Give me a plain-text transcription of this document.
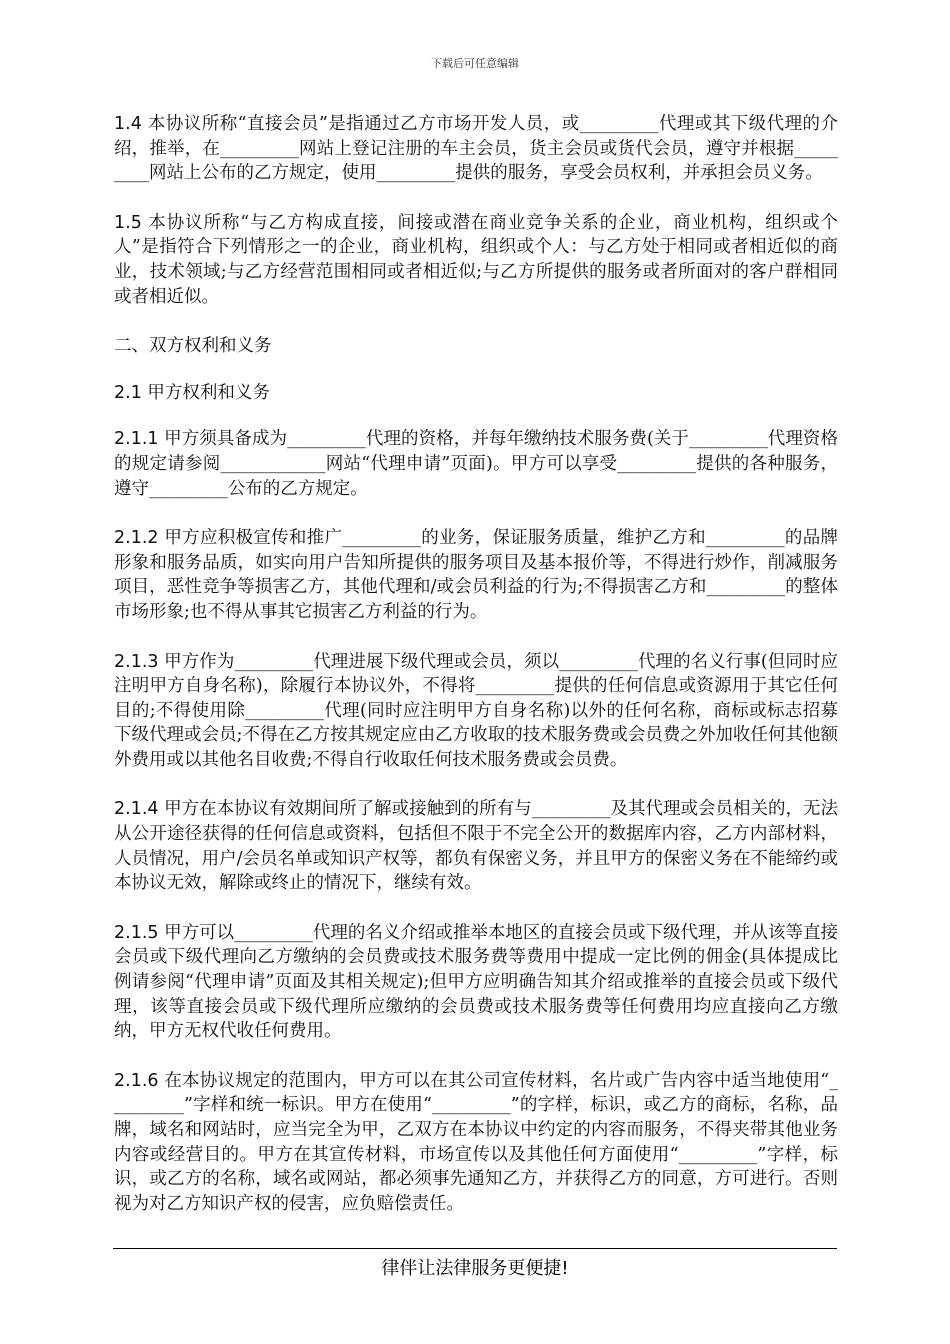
下载后可任意编辑

1.4 本协议所称“直接会员”是指通过乙方市场开发人员，或_________代理或其下级代理的介绍，推举，在_________网站上登记注册的车主会员，货主会员或货代会员，遵守并根据_________网站上公布的乙方规定，使用_________提供的服务，享受会员权利，并承担会员义务。

1.5 本协议所称“与乙方构成直接，间接或潜在商业竞争关系的企业，商业机构，组织或个人”是指符合下列情形之一的企业，商业机构，组织或个人：与乙方处于相同或者相近似的商业，技术领域;与乙方经营范围相同或者相近似;与乙方所提供的服务或者所面对的客户群相同或者相近似。

二、双方权利和义务

2.1 甲方权利和义务

2.1.1 甲方须具备成为_________代理的资格，并每年缴纳技术服务费(关于_________代理资格的规定请参阅____________网站“代理申请”页面)。甲方可以享受_________提供的各种服务，遵守_________公布的乙方规定。

2.1.2 甲方应积极宣传和推广_________的业务，保证服务质量，维护乙方和_________的品牌形象和服务品质，如实向用户告知所提供的服务项目及基本报价等，不得进行炒作，削减服务项目，恶性竞争等损害乙方，其他代理和/或会员利益的行为;不得损害乙方和_________的整体市场形象;也不得从事其它损害乙方利益的行为。

2.1.3 甲方作为_________代理进展下级代理或会员，须以_________代理的名义行事(但同时应注明甲方自身名称)，除履行本协议外，不得将_________提供的任何信息或资源用于其它任何目的;不得使用除_________代理(同时应注明甲方自身名称)以外的任何名称，商标或标志招募下级代理或会员;不得在乙方按其规定应由乙方收取的技术服务费或会员费之外加收任何其他额外费用或以其他名目收费;不得自行收取任何技术服务费或会员费。

2.1.4 甲方在本协议有效期间所了解或接触到的所有与_________及其代理或会员相关的，无法从公开途径获得的任何信息或资料，包括但不限于不完全公开的数据库内容，乙方内部材料，人员情况，用户/会员名单或知识产权等，都负有保密义务，并且甲方的保密义务在不能缔约或本协议无效，解除或终止的情况下，继续有效。

2.1.5 甲方可以_________代理的名义介绍或推举本地区的直接会员或下级代理，并从该等直接会员或下级代理向乙方缴纳的会员费或技术服务费等费用中提成一定比例的佣金(具体提成比例请参阅“代理申请”页面及其相关规定);但甲方应明确告知其介绍或推举的直接会员或下级代理，该等直接会员或下级代理所应缴纳的会员费或技术服务费等任何费用均应直接向乙方缴纳，甲方无权代收任何费用。

2.1.6 在本协议规定的范围内，甲方可以在其公司宣传材料，名片或广告内容中适当地使用“_________”字样和统一标识。甲方在使用“_________”的字样，标识，或乙方的商标，名称，品牌，域名和网站时，应当完全为甲，乙双方在本协议中约定的内容而服务，不得夹带其他业务内容或经营目的。甲方在其宣传材料，市场宣传以及其他任何方面使用“_________”字样，标识，或乙方的名称，域名或网站，都必须事先通知乙方，并获得乙方的同意，方可进行。否则视为对乙方知识产权的侵害，应负赔偿责任。

律伴让法律服务更便捷!
